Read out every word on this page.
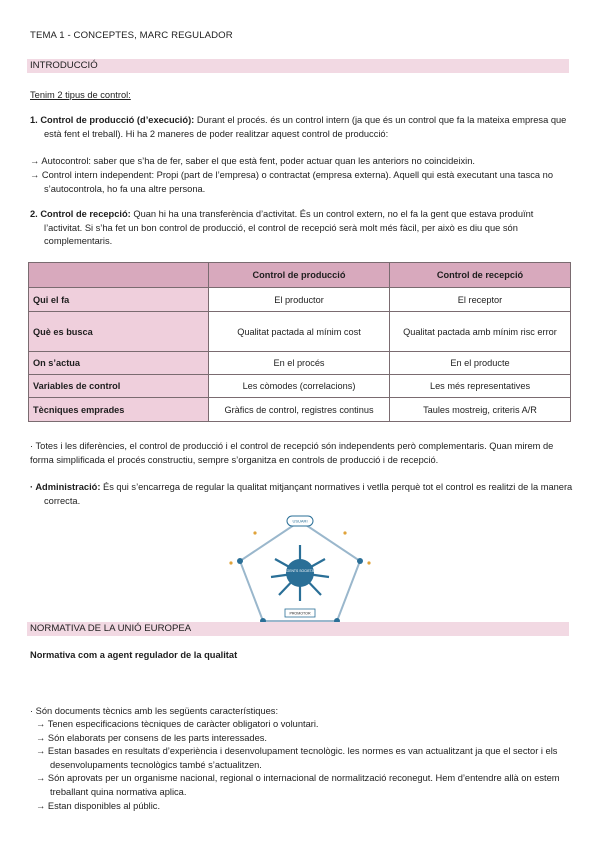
TEMA 1 - CONCEPTES, MARC REGULADOR
INTRODUCCIÓ
Tenim 2 tipus de control:
1. Control de producció (d’execució): Durant el procés. és un control intern (ja que és un control que fa la mateixa empresa que està fent el treball). Hi ha 2 maneres de poder realitzar aquest control de producció:
→ Autocontrol: saber que s’ha de fer, saber el que està fent, poder actuar quan les anteriors no coincideixin.
→ Control intern independent: Propi (part de l’empresa) o contractat (empresa externa). Aquell qui està executant una tasca no s’autocontrola, ho fa una altre persona.
2. Control de recepció: Quan hi ha una transferència d’activitat. És un control extern, no el fa la gent que estava produïnt l’activitat. Si s’ha fet un bon control de producció, el control de recepció serà molt més fàcil, per això es diu que són complementaris.
	Control de producció	Control de recepció
Qui el fa	El productor	El receptor
Què es busca	Qualitat pactada al mínim cost	Qualitat pactada amb mínim risc error
On s’actua	En el procés	En el producte
Variables de control	Les còmodes (correlacions)	Les més representatives
Tècniques emprades	Gràfics de control, registres continus	Taules mostreig, criteris A/R
· Totes i les diferències, el control de producció i el control de recepció són independents però complementaris. Quan mirem de forma simplificada el procés constructiu, sempre s’organitza en controls de producció i de recepció.
· Administració: És qui s’encarrega de regular la qualitat mitjançant normatives i vetlla perquè tot el control es realitzi de la manera correcta.
AGENTS SOCIETAT
USUARI
PROMOTOR
NORMATIVA DE LA UNIÓ EUROPEA
Normativa com a agent regulador de la qualitat
· Són documents tècnics amb les següents característiques:
→ Tenen especificacions tècniques de caràcter obligatori o voluntari.
→ Són elaborats per consens de les parts interessades.
→ Estan basades en resultats d’experiència i desenvolupament tecnològic. les normes es van actualitzant ja que el sector i els desenvolupaments tecnològics també s’actualitzen.
→ Són aprovats per un organisme nacional, regional o internacional de normalització reconegut. Hem d’entendre allà on estem treballant quina normativa aplica.
→ Estan disponibles al públic.
